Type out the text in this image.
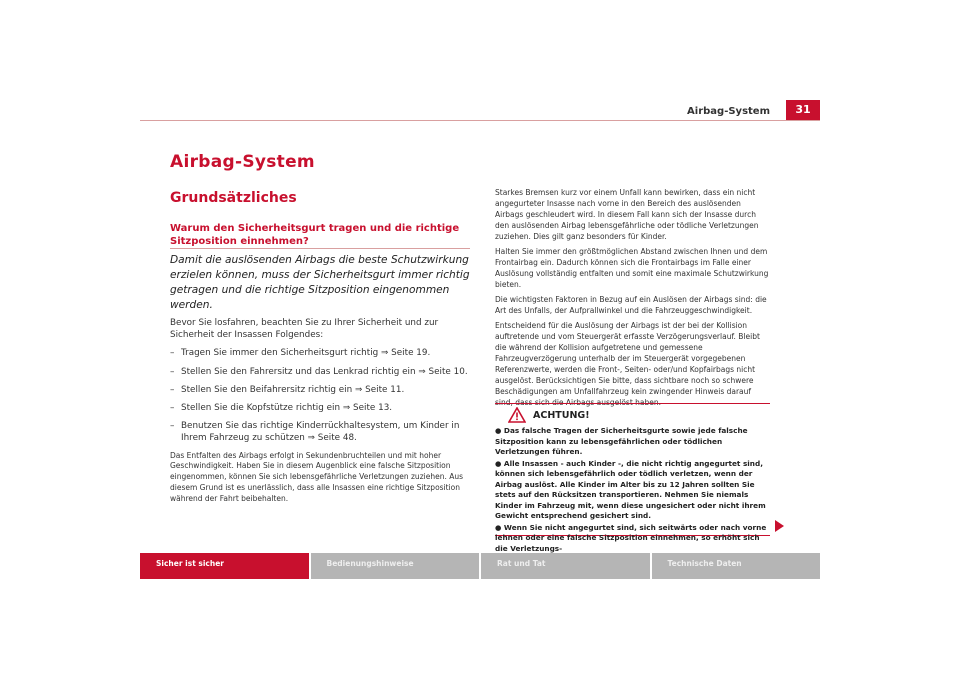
Airbag-System	31
Airbag-System
Grundsätzliches
Warum den Sicherheitsgurt tragen und die richtige Sitzposition einnehmen?
Damit die auslösenden Airbags die beste Schutzwirkung erzielen können, muss der Sicherheitsgurt immer richtig getragen und die richtige Sitzposition eingenommen werden.

Bevor Sie losfahren, beachten Sie zu Ihrer Sicherheit und zur Sicherheit der Insassen Folgendes:

– Tragen Sie immer den Sicherheitsgurt richtig ⇒ Seite 19.
– Stellen Sie den Fahrersitz und das Lenkrad richtig ein ⇒ Seite 10.
– Stellen Sie den Beifahrersitz richtig ein ⇒ Seite 11.
– Stellen Sie die Kopfstütze richtig ein ⇒ Seite 13.
– Benutzen Sie das richtige Kinderrückhaltesystem, um Kinder in Ihrem Fahrzeug zu schützen ⇒ Seite 48.

Das Entfalten des Airbags erfolgt in Sekundenbruchteilen und mit hoher Geschwindigkeit. Haben Sie in diesem Augenblick eine falsche Sitzposition eingenommen, können Sie sich lebensgefährliche Verletzungen zuziehen. Aus diesem Grund ist es unerlässlich, dass alle Insassen eine richtige Sitzposition während der Fahrt beibehalten.

Starkes Bremsen kurz vor einem Unfall kann bewirken, dass ein nicht angegurteter Insasse nach vorne in den Bereich des auslösenden Airbags geschleudert wird. In diesem Fall kann sich der Insasse durch den auslösenden Airbag lebensgefährliche oder tödliche Verletzungen zuziehen. Dies gilt ganz besonders für Kinder.

Halten Sie immer den größtmöglichen Abstand zwischen Ihnen und dem Frontairbag ein. Dadurch können sich die Frontairbags im Falle einer Auslösung vollständig entfalten und somit eine maximale Schutzwirkung bieten.

Die wichtigsten Faktoren in Bezug auf ein Auslösen der Airbags sind: die Art des Unfalls, der Aufprallwinkel und die Fahrzeuggeschwindigkeit.

Entscheidend für die Auslösung der Airbags ist der bei der Kollision auftretende und vom Steuergerät erfasste Verzögerungsverlauf. Bleibt die während der Kollision aufgetretene und gemessene Fahrzeugverzögerung unterhalb der im Steuergerät vorgegebenen Referenzwerte, werden die Front-, Seiten- oder/und Kopfairbags nicht ausgelöst. Berücksichtigen Sie bitte, dass sichtbare noch so schwere Beschädigungen am Unfallfahrzeug kein zwingender Hinweis darauf sind, dass sich die Airbags ausgelöst haben.

ACHTUNG!

● Das falsche Tragen der Sicherheitsgurte sowie jede falsche Sitzposition kann zu lebensgefährlichen oder tödlichen Verletzungen führen.

● Alle Insassen - auch Kinder -, die nicht richtig angegurtet sind, können sich lebensgefährlich oder tödlich verletzen, wenn der Airbag auslöst. Alle Kinder im Alter bis zu 12 Jahren sollten Sie stets auf den Rücksitzen transportieren. Nehmen Sie niemals Kinder im Fahrzeug mit, wenn diese ungesichert oder nicht ihrem Gewicht entsprechend gesichert sind.

● Wenn Sie nicht angegurtet sind, sich seitwärts oder nach vorne lehnen oder eine falsche Sitzposition einnehmen, so erhöht sich die Verletzungs-

Sicher ist sicher	Bedienungshinweise	Rat und Tat	Technische Daten
